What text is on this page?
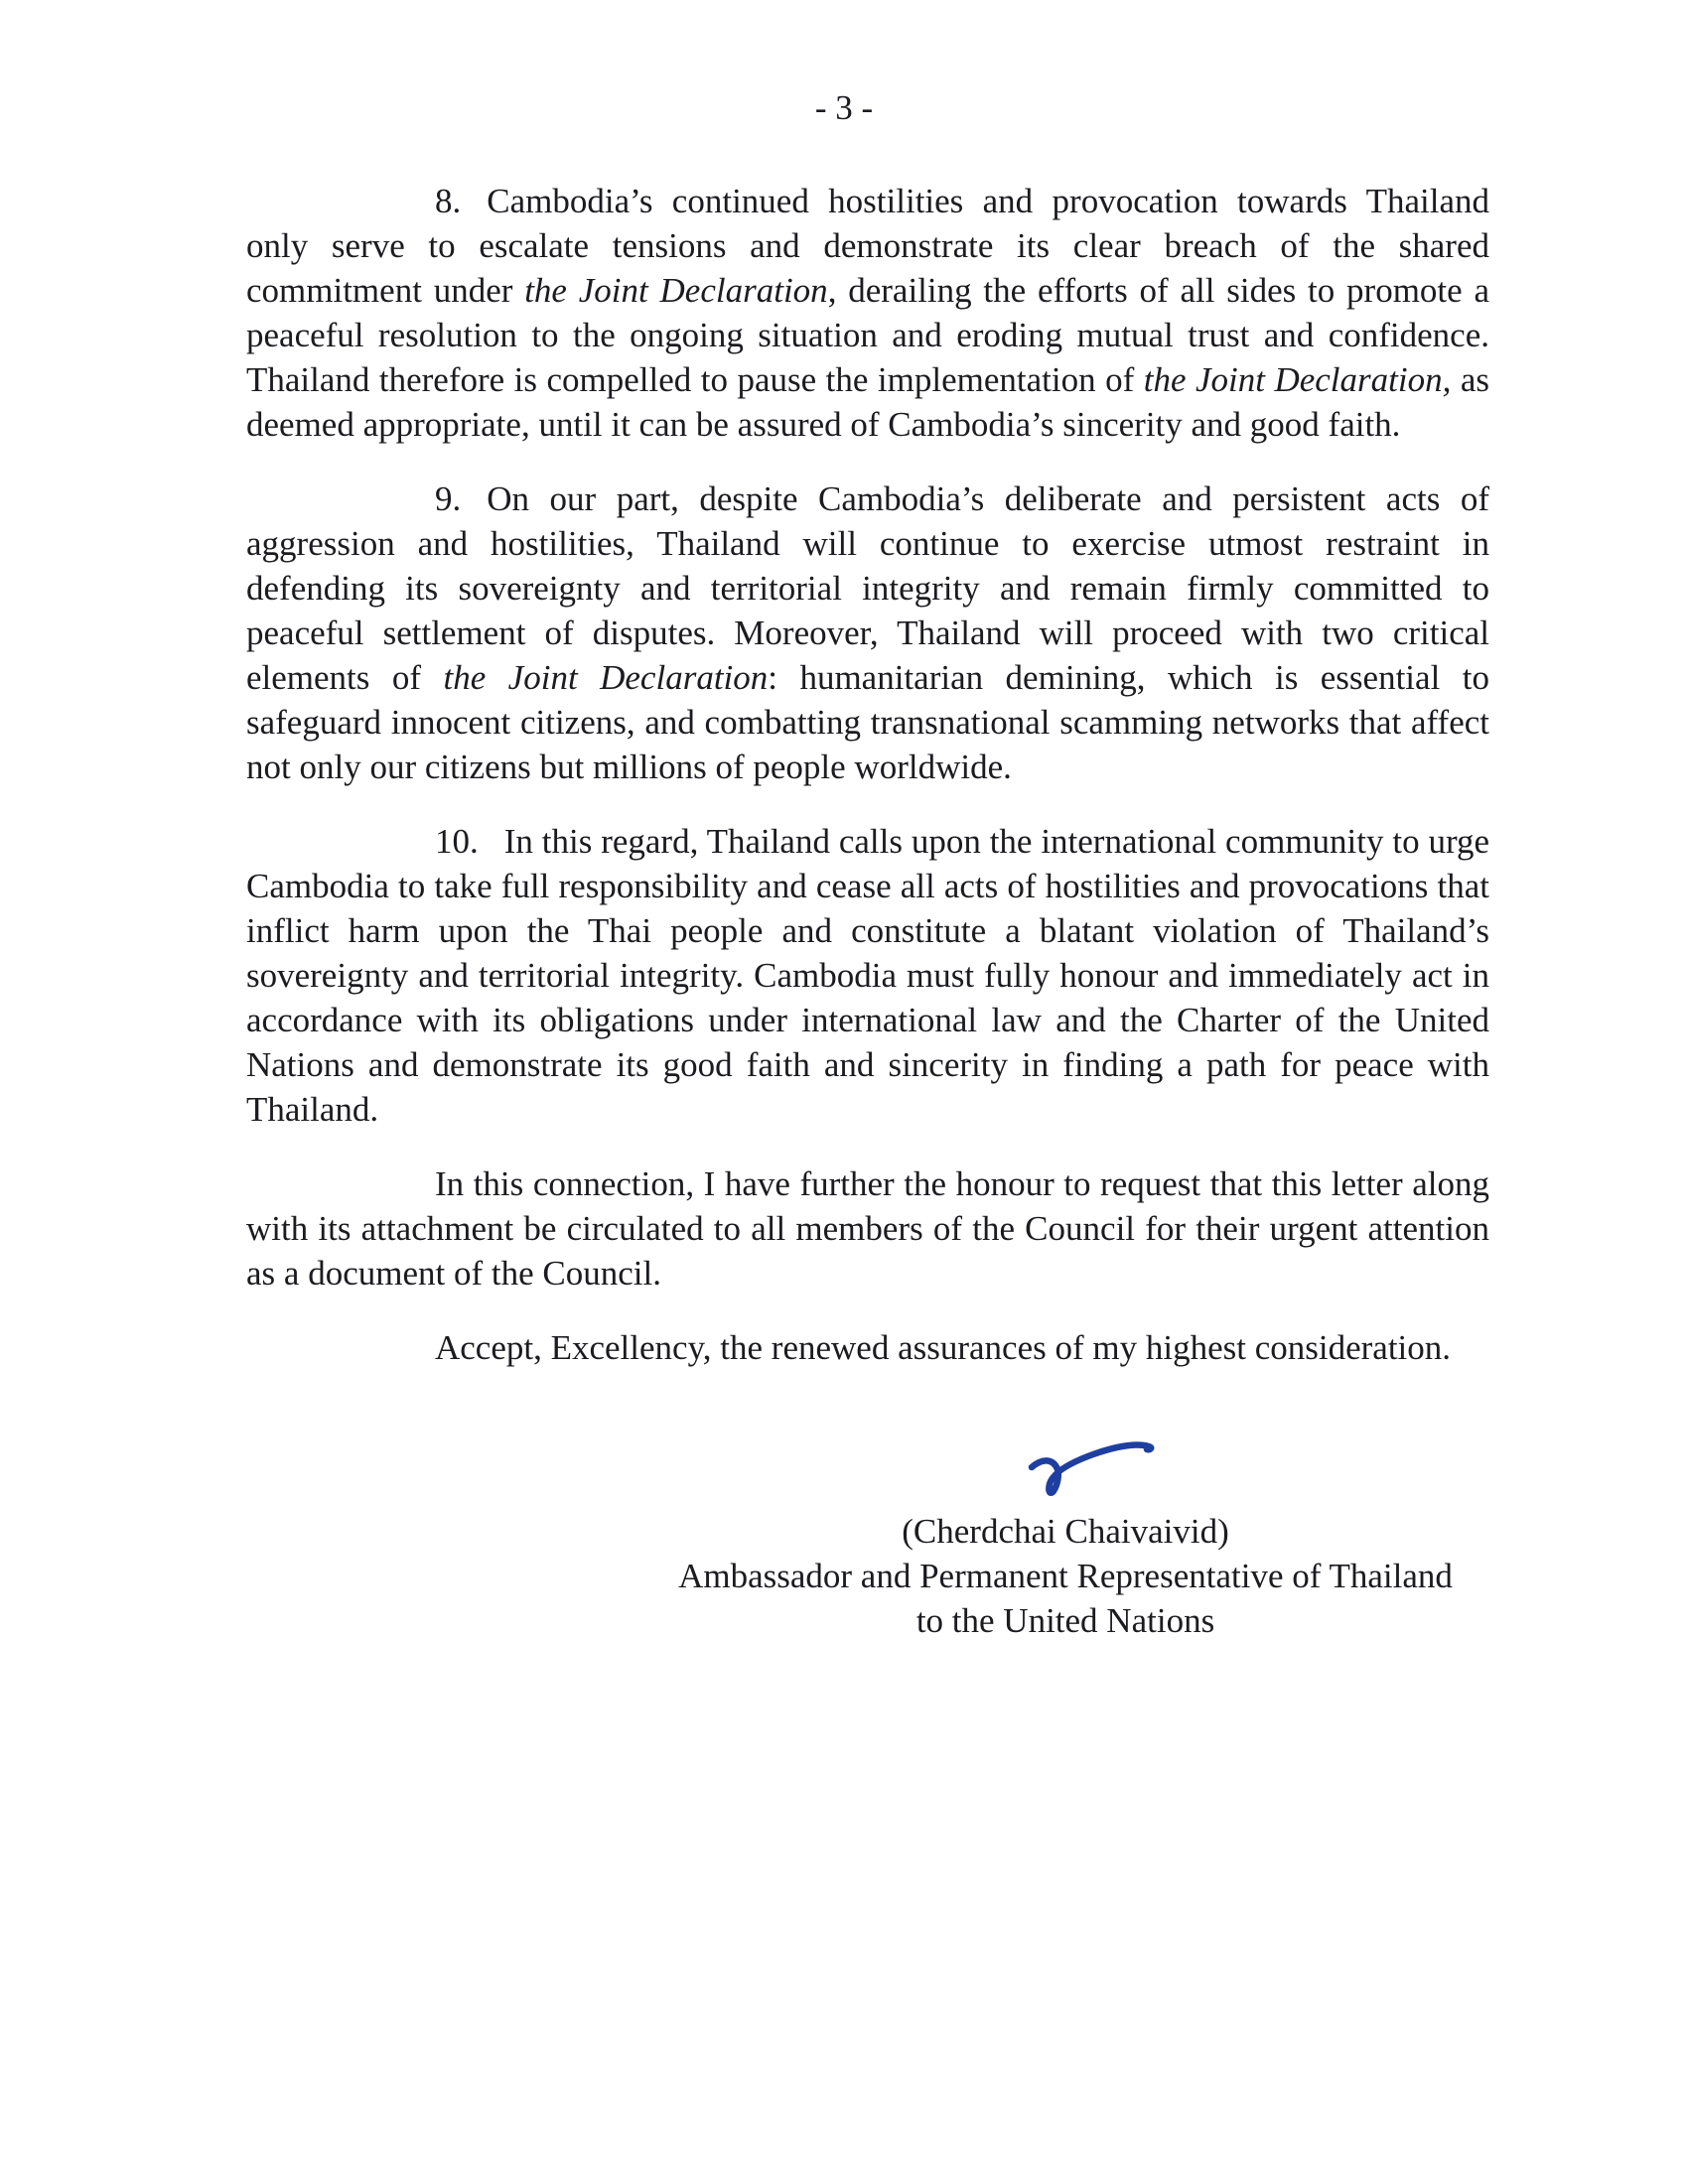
- 3 -

8. Cambodia’s continued hostilities and provocation towards Thailand only serve to escalate tensions and demonstrate its clear breach of the shared commitment under the Joint Declaration, derailing the efforts of all sides to promote a peaceful resolution to the ongoing situation and eroding mutual trust and confidence. Thailand therefore is compelled to pause the implementation of the Joint Declaration, as deemed appropriate, until it can be assured of Cambodia’s sincerity and good faith.

9. On our part, despite Cambodia’s deliberate and persistent acts of aggression and hostilities, Thailand will continue to exercise utmost restraint in defending its sovereignty and territorial integrity and remain firmly committed to peaceful settlement of disputes. Moreover, Thailand will proceed with two critical elements of the Joint Declaration: humanitarian demining, which is essential to safeguard innocent citizens, and combatting transnational scamming networks that affect not only our citizens but millions of people worldwide.

10. In this regard, Thailand calls upon the international community to urge Cambodia to take full responsibility and cease all acts of hostilities and provocations that inflict harm upon the Thai people and constitute a blatant violation of Thailand’s sovereignty and territorial integrity. Cambodia must fully honour and immediately act in accordance with its obligations under international law and the Charter of the United Nations and demonstrate its good faith and sincerity in finding a path for peace with Thailand.

In this connection, I have further the honour to request that this letter along with its attachment be circulated to all members of the Council for their urgent attention as a document of the Council.

Accept, Excellency, the renewed assurances of my highest consideration.

(Cherdchai Chaivaivid)
Ambassador and Permanent Representative of Thailand
to the United Nations
